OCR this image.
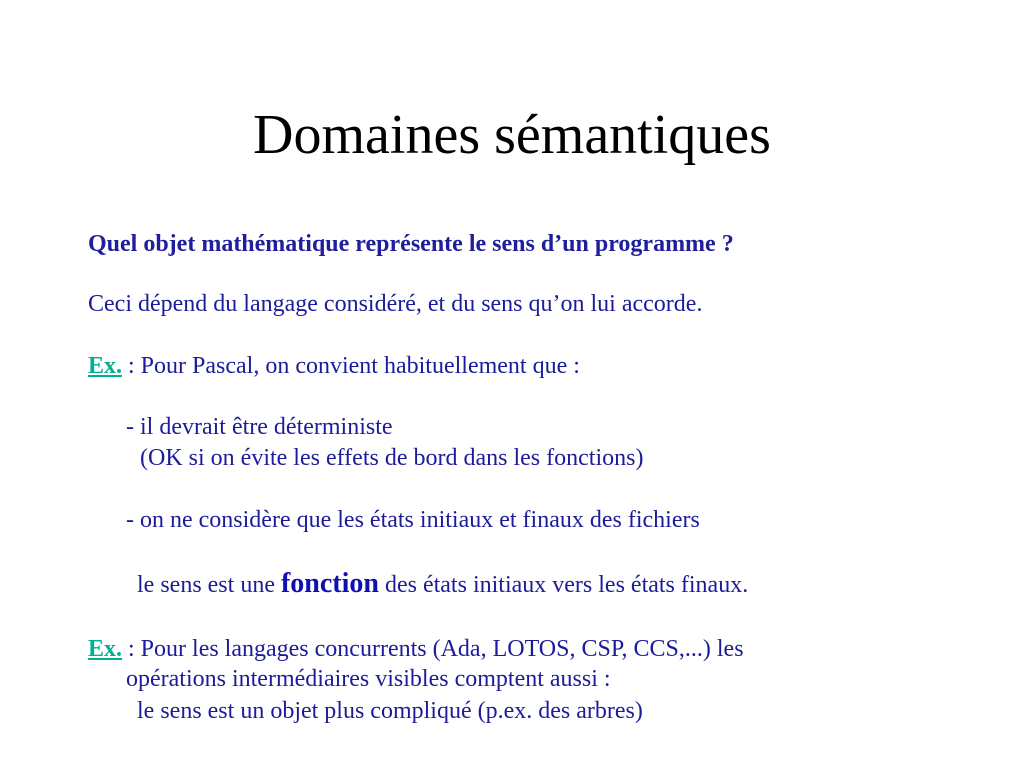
Domaines sémantiques
Quel objet mathématique représente le sens d’un programme ?
Ceci dépend du langage considéré, et du sens qu’on lui accorde.
Ex. : Pour Pascal, on convient habituellement que :
- il devrait être déterministe
(OK si on évite les effets de bord dans les fonctions)
- on ne considère que les états initiaux et finaux des fichiers
le sens est une fonction des états initiaux vers les états finaux.
Ex. : Pour les langages concurrents (Ada, LOTOS, CSP, CCS,...) les
opérations intermédiaires visibles comptent aussi :
le sens est un objet plus compliqué (p.ex. des arbres)
